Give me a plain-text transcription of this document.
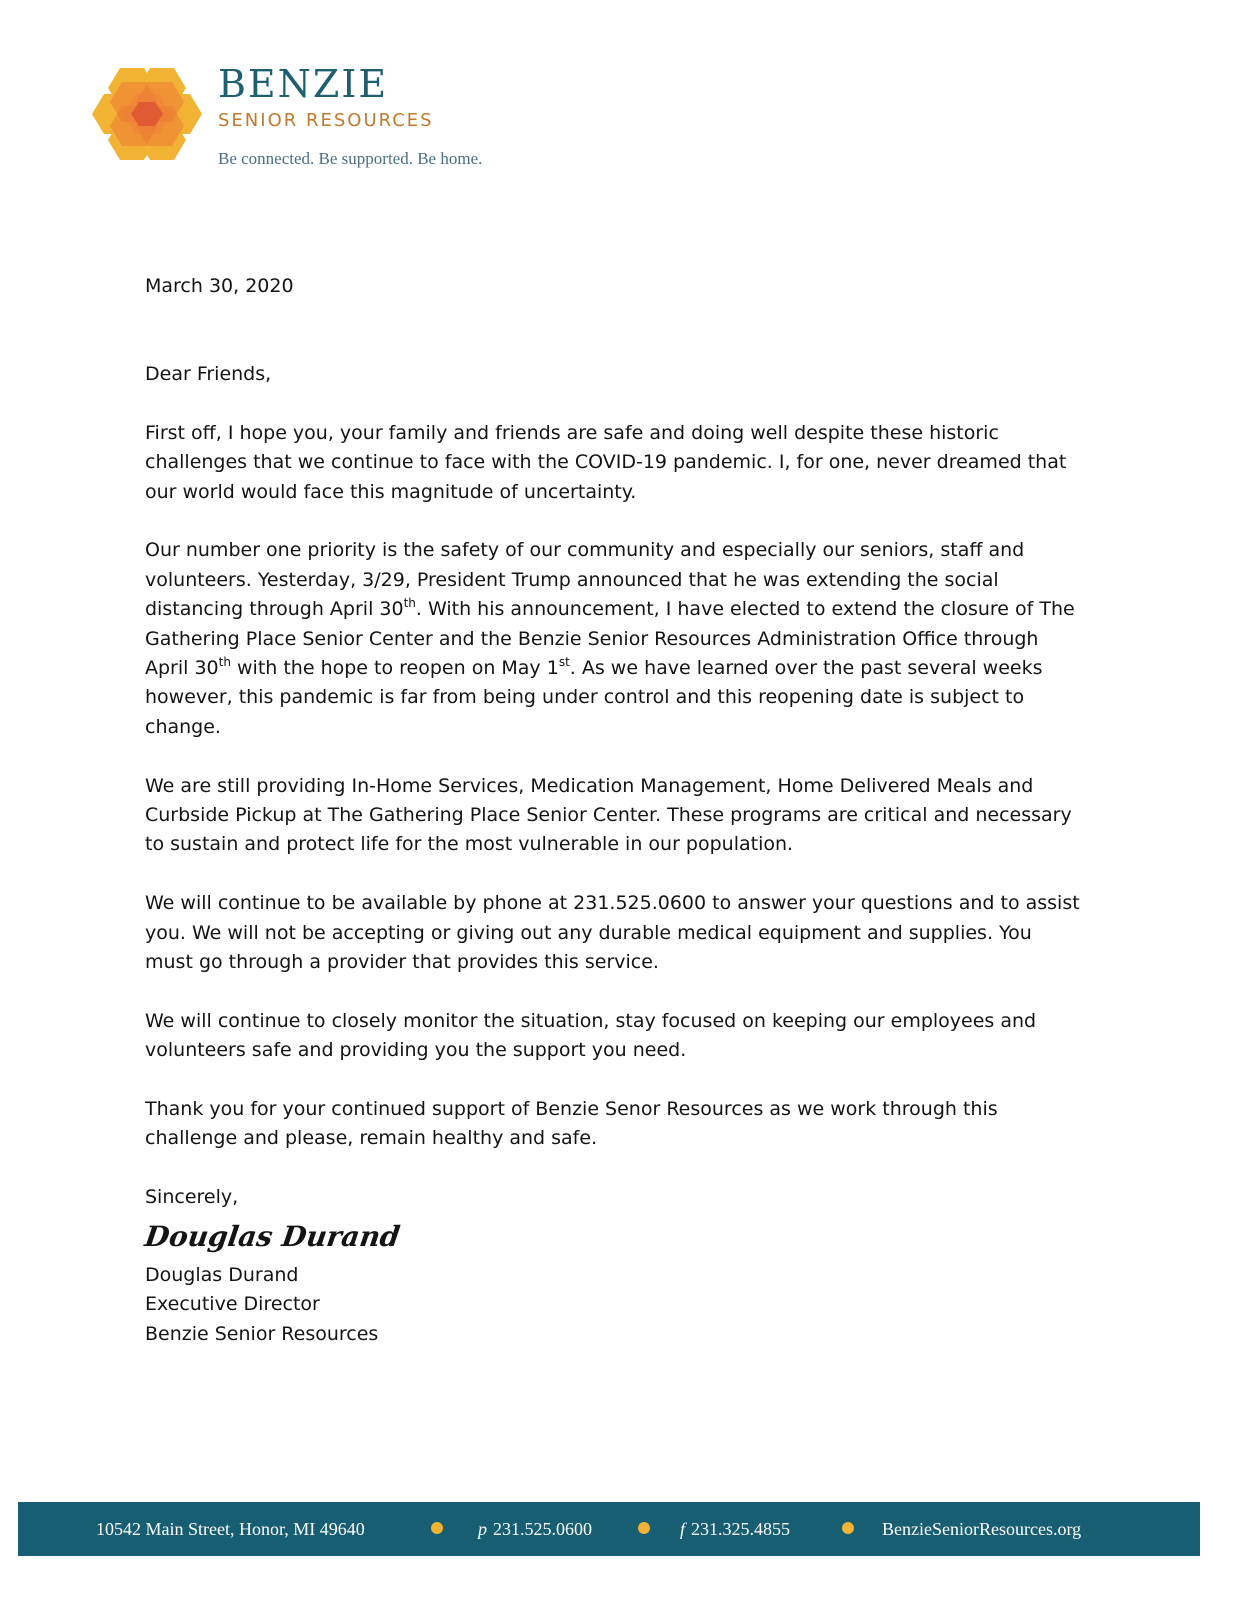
BENZIE
SENIOR RESOURCES
Be connected. Be supported. Be home.

March 30, 2020

Dear Friends,

First off, I hope you, your family and friends are safe and doing well despite these historic challenges that we continue to face with the COVID-19 pandemic. I, for one, never dreamed that our world would face this magnitude of uncertainty.

Our number one priority is the safety of our community and especially our seniors, staff and volunteers. Yesterday, 3/29, President Trump announced that he was extending the social distancing through April 30th. With his announcement, I have elected to extend the closure of The Gathering Place Senior Center and the Benzie Senior Resources Administration Office through April 30th with the hope to reopen on May 1st. As we have learned over the past several weeks however, this pandemic is far from being under control and this reopening date is subject to change.

We are still providing In-Home Services, Medication Management, Home Delivered Meals and Curbside Pickup at The Gathering Place Senior Center. These programs are critical and necessary to sustain and protect life for the most vulnerable in our population.

We will continue to be available by phone at 231.525.0600 to answer your questions and to assist you. We will not be accepting or giving out any durable medical equipment and supplies. You must go through a provider that provides this service.

We will continue to closely monitor the situation, stay focused on keeping our employees and volunteers safe and providing you the support you need.

Thank you for your continued support of Benzie Senor Resources as we work through this challenge and please, remain healthy and safe.

Sincerely,

Douglas Durand

Douglas Durand

Executive Director

Benzie Senior Resources

10542 Main Street, Honor, MI 49640	p 231.525.0600	f 231.325.4855	BenzieSeniorResources.org
